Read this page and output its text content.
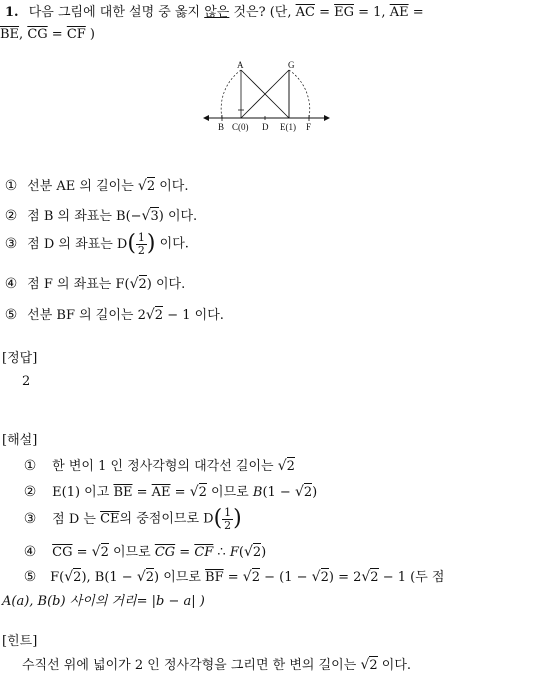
1. 다음 그림에 대한 설명 중 옳지 않은 것은? (단, $\overline{AC} = \overline{EG} = 1$, $\overline{AE}$ =
$\overline{BE}$, $\overline{CG} = \overline{CF}$ )
A	G
B C(0) D E(1) F
① 선분 AE 의 길이는 √2 이다.
② 점 B 의 좌표는 B(−√3) 이다.
③ 점 D 의 좌표는 $D( \frac{1}{2}$ ) 이다.
④ 점 F 의 좌표는 F(√2) 이다.
⑤ 선분 BF 의 길이는 2√2 − 1 이다.
[정답]
2
[해설]
① 한 변이 1 인 정사각형의 대각선 길이는 √2
② E(1) 이고 $\overline{BE} = \overline{AE} = √2$ 이므로 B(1 − √2)
③ 점 D 는 $\overline{CE}$의 중점이므로 $D( \frac{1}{2}$ )
④ $\overline{CG} = √2$ 이므로 $\overline{CG} = \overline{CF}$ ∴ F(√2)
⑤ F(√2), B(1 − √2) 이므로 $\overline{BF} = √2 - (1 - √2) = 2√2 - 1$ (두 점
A(a), B(b) 사이의 거리= |b − a| )
[힌트]
수직선 위에 넓이가 2 인 정사각형을 그리면 한 변의 길이는 √2 이다.
